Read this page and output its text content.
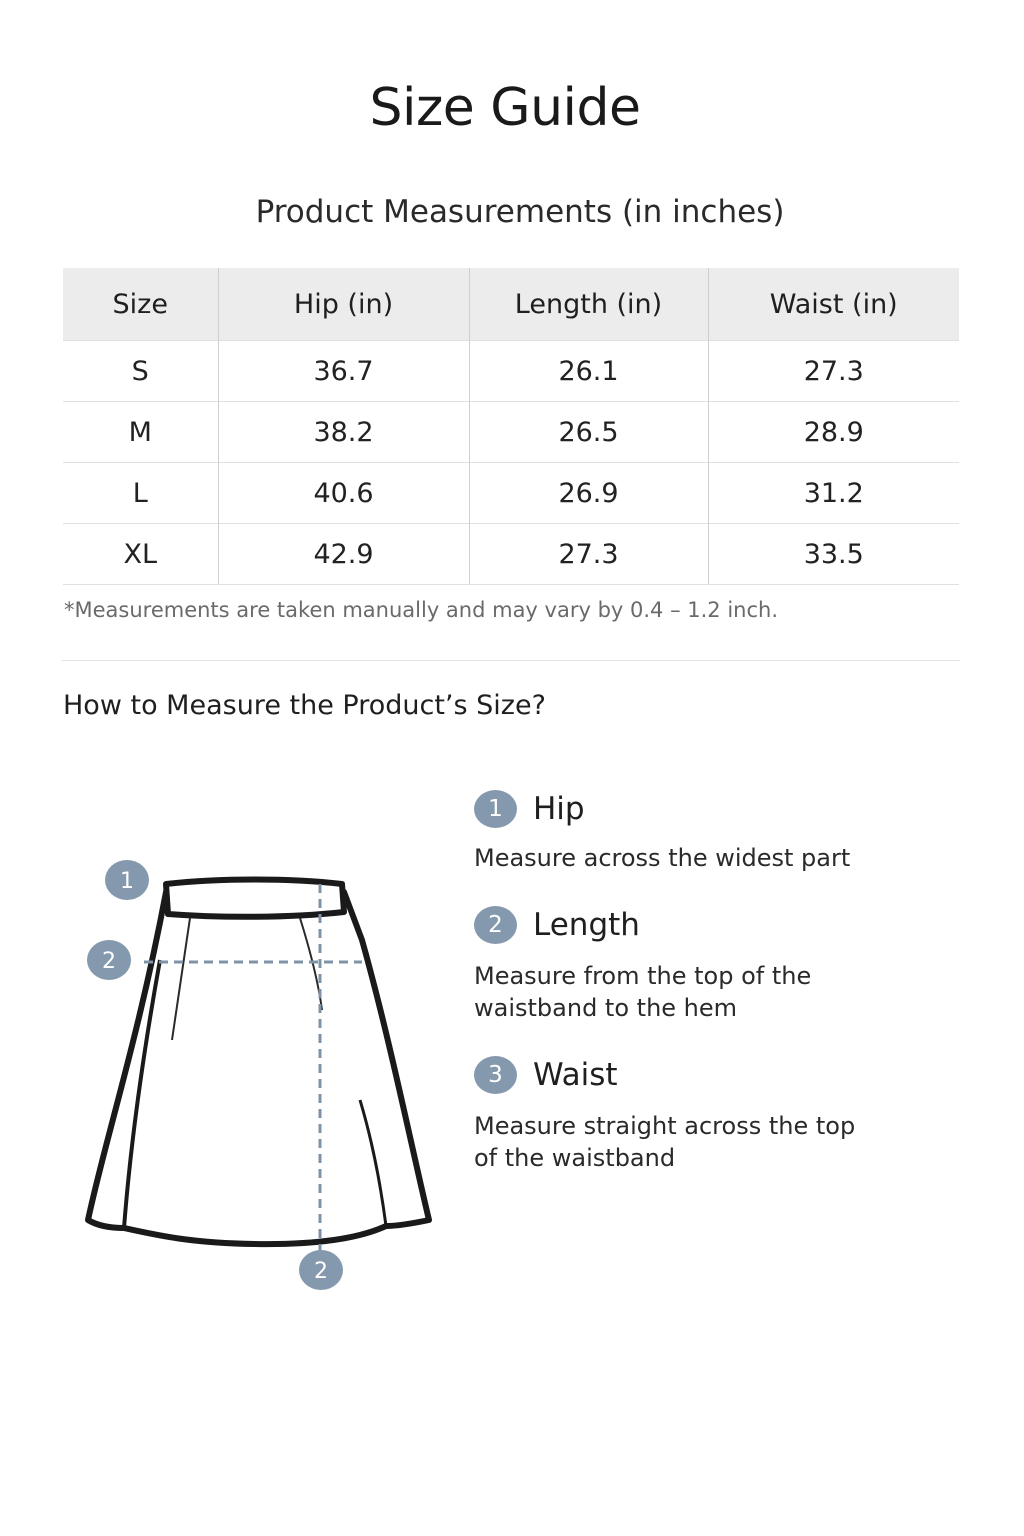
Size Guide
Product Measurements (in inches)
Size	Hip (in)	Length (in)	Waist (in)
S	36.7	26.1	27.3
M	38.2	26.5	28.9
L	40.6	26.9	31.2
XL	42.9	27.3	33.5
*Measurements are taken manually and may vary by 0.4 – 1.2 inch.
How to Measure the Product’s Size?
1
2
2
1 Hip
Measure across the widest part
2 Length
Measure from the top of the
waistband to the hem
3 Waist
Measure straight across the top
of the waistband
